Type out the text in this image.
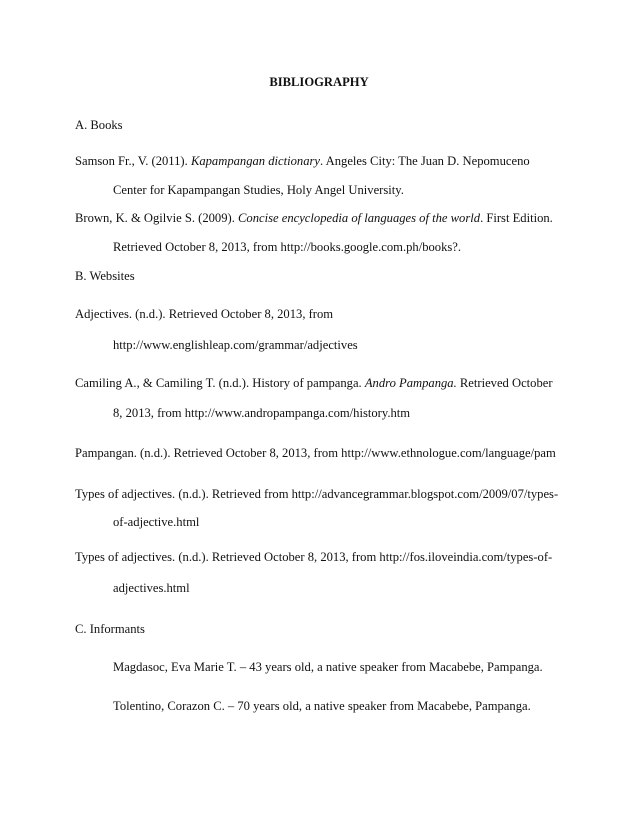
BIBLIOGRAPHY
A. Books
Samson Fr., V. (2011). Kapampangan dictionary. Angeles City: The Juan D. Nepomuceno
Center for Kapampangan Studies, Holy Angel University.
Brown, K. & Ogilvie S. (2009). Concise encyclopedia of languages of the world. First Edition.
Retrieved October 8, 2013, from http://books.google.com.ph/books?.
B. Websites
Adjectives. (n.d.). Retrieved October 8, 2013, from
http://www.englishleap.com/grammar/adjectives
Camiling A., & Camiling T. (n.d.). History of pampanga. Andro Pampanga. Retrieved October
8, 2013, from http://www.andropampanga.com/history.htm
Pampangan. (n.d.). Retrieved October 8, 2013, from http://www.ethnologue.com/language/pam
Types of adjectives. (n.d.). Retrieved from http://advancegrammar.blogspot.com/2009/07/types-
of-adjective.html
Types of adjectives. (n.d.). Retrieved October 8, 2013, from http://fos.iloveindia.com/types-of-
adjectives.html
C. Informants
Magdasoc, Eva Marie T. – 43 years old, a native speaker from Macabebe, Pampanga.
Tolentino, Corazon C. – 70 years old, a native speaker from Macabebe, Pampanga.
